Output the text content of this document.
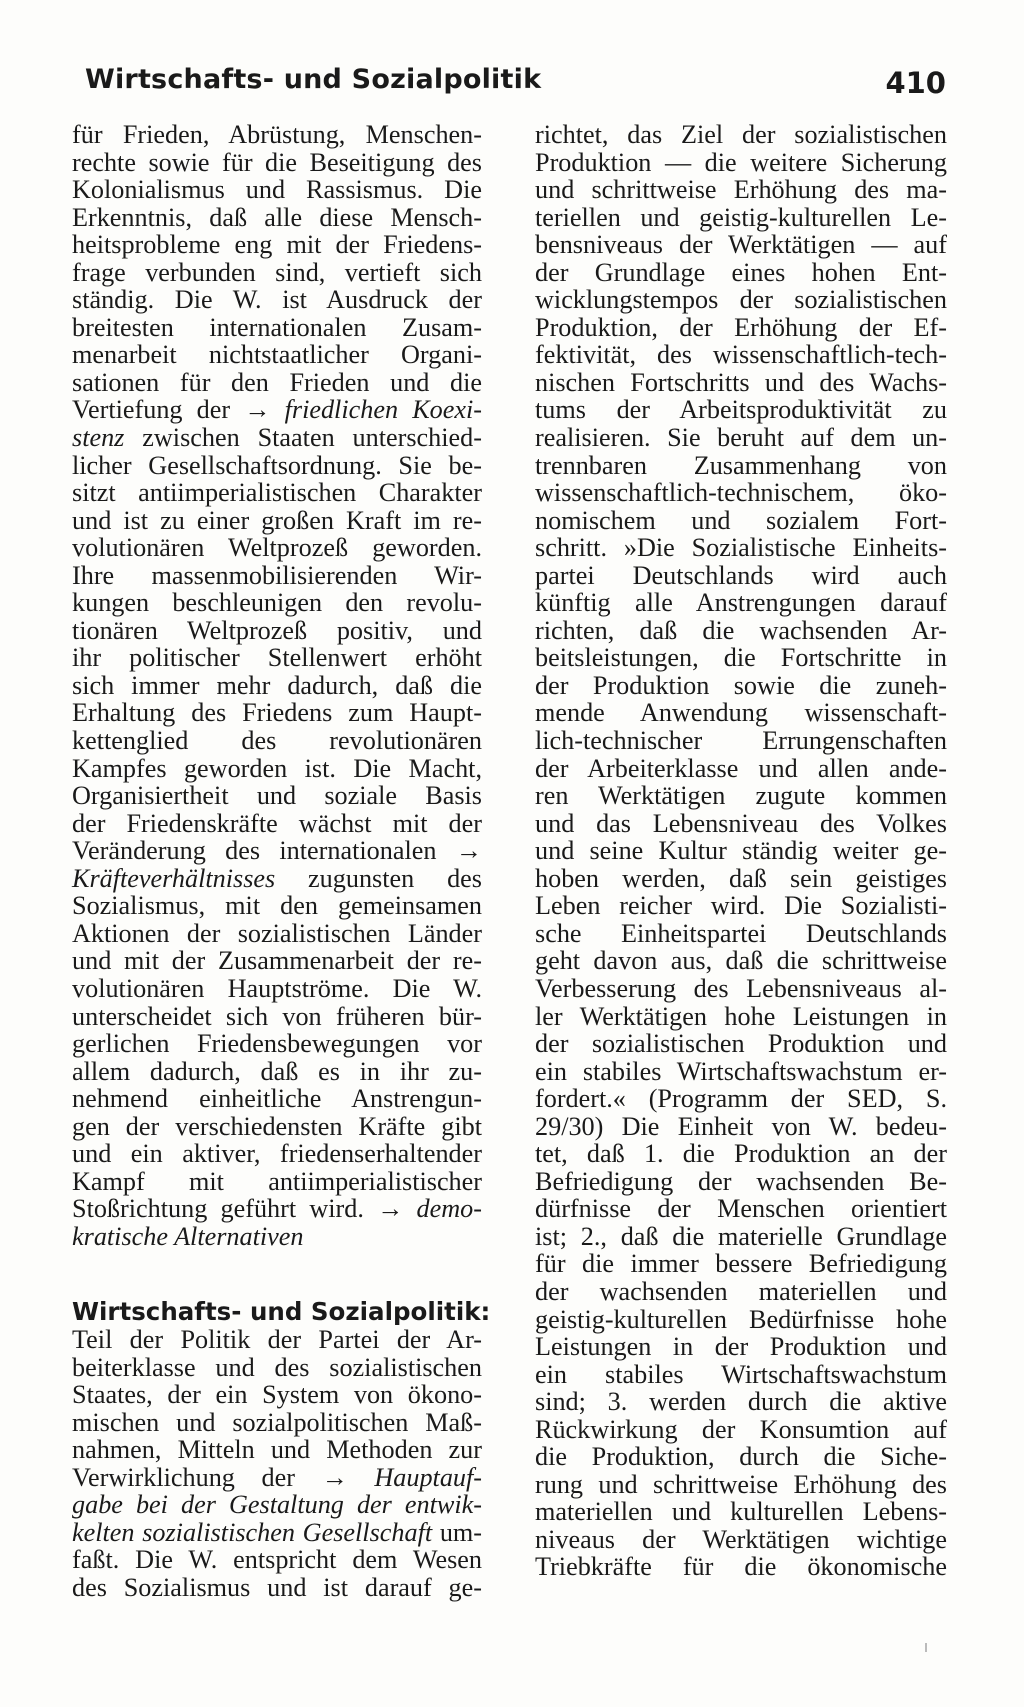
Wirtschafts- und Sozialpolitik	410

für Frieden, Abrüstung, Menschen-
rechte sowie für die Beseitigung des
Kolonialismus und Rassismus. Die
Erkenntnis, daß alle diese Mensch-
heitsprobleme eng mit der Friedens-
frage verbunden sind, vertieft sich
ständig. Die W. ist Ausdruck der
breitesten internationalen Zusam-
menarbeit nichtstaatlicher Organi-
sationen für den Frieden und die
Vertiefung der → friedlichen Koexi-
stenz zwischen Staaten unterschied-
licher Gesellschaftsordnung. Sie be-
sitzt antiimperialistischen Charakter
und ist zu einer großen Kraft im re-
volutionären Weltprozeß geworden.
Ihre massenmobilisierenden Wir-
kungen beschleunigen den revolu-
tionären Weltprozeß positiv, und
ihr politischer Stellenwert erhöht
sich immer mehr dadurch, daß die
Erhaltung des Friedens zum Haupt-
kettenglied des revolutionären
Kampfes geworden ist. Die Macht,
Organisiertheit und soziale Basis
der Friedenskräfte wächst mit der
Veränderung des internationalen →
Kräfteverhältnisses zugunsten des
Sozialismus, mit den gemeinsamen
Aktionen der sozialistischen Länder
und mit der Zusammenarbeit der re-
volutionären Hauptströme. Die W.
unterscheidet sich von früheren bür-
gerlichen Friedensbewegungen vor
allem dadurch, daß es in ihr zu-
nehmend einheitliche Anstrengun-
gen der verschiedensten Kräfte gibt
und ein aktiver, friedenserhaltender
Kampf mit antiimperialistischer
Stoßrichtung geführt wird. → demo-
kratische Alternativen

Wirtschafts- und Sozialpolitik:
Teil der Politik der Partei der Ar-
beiterklasse und des sozialistischen
Staates, der ein System von ökono-
mischen und sozialpolitischen Maß-
nahmen, Mitteln und Methoden zur
Verwirklichung der → Hauptauf-
gabe bei der Gestaltung der entwik-
kelten sozialistischen Gesellschaft um-
faßt. Die W. entspricht dem Wesen
des Sozialismus und ist darauf ge-

richtet, das Ziel der sozialistischen
Produktion — die weitere Sicherung
und schrittweise Erhöhung des ma-
teriellen und geistig-kulturellen Le-
bensniveaus der Werktätigen — auf
der Grundlage eines hohen Ent-
wicklungstempos der sozialistischen
Produktion, der Erhöhung der Ef-
fektivität, des wissenschaftlich-tech-
nischen Fortschritts und des Wachs-
tums der Arbeitsproduktivität zu
realisieren. Sie beruht auf dem un-
trennbaren Zusammenhang von
wissenschaftlich-technischem, öko-
nomischem und sozialem Fort-
schritt. »Die Sozialistische Einheits-
partei Deutschlands wird auch
künftig alle Anstrengungen darauf
richten, daß die wachsenden Ar-
beitsleistungen, die Fortschritte in
der Produktion sowie die zuneh-
mende Anwendung wissenschaft-
lich-technischer Errungenschaften
der Arbeiterklasse und allen ande-
ren Werktätigen zugute kommen
und das Lebensniveau des Volkes
und seine Kultur ständig weiter ge-
hoben werden, daß sein geistiges
Leben reicher wird. Die Sozialisti-
sche Einheitspartei Deutschlands
geht davon aus, daß die schrittweise
Verbesserung des Lebensniveaus al-
ler Werktätigen hohe Leistungen in
der sozialistischen Produktion und
ein stabiles Wirtschaftswachstum er-
fordert.« (Programm der SED, S.
29/30) Die Einheit von W. bedeu-
tet, daß 1. die Produktion an der
Befriedigung der wachsenden Be-
dürfnisse der Menschen orientiert
ist; 2., daß die materielle Grundlage
für die immer bessere Befriedigung
der wachsenden materiellen und
geistig-kulturellen Bedürfnisse hohe
Leistungen in der Produktion und
ein stabiles Wirtschaftswachstum
sind; 3. werden durch die aktive
Rückwirkung der Konsumtion auf
die Produktion, durch die Siche-
rung und schrittweise Erhöhung des
materiellen und kulturellen Lebens-
niveaus der Werktätigen wichtige
Triebkräfte für die ökonomische
